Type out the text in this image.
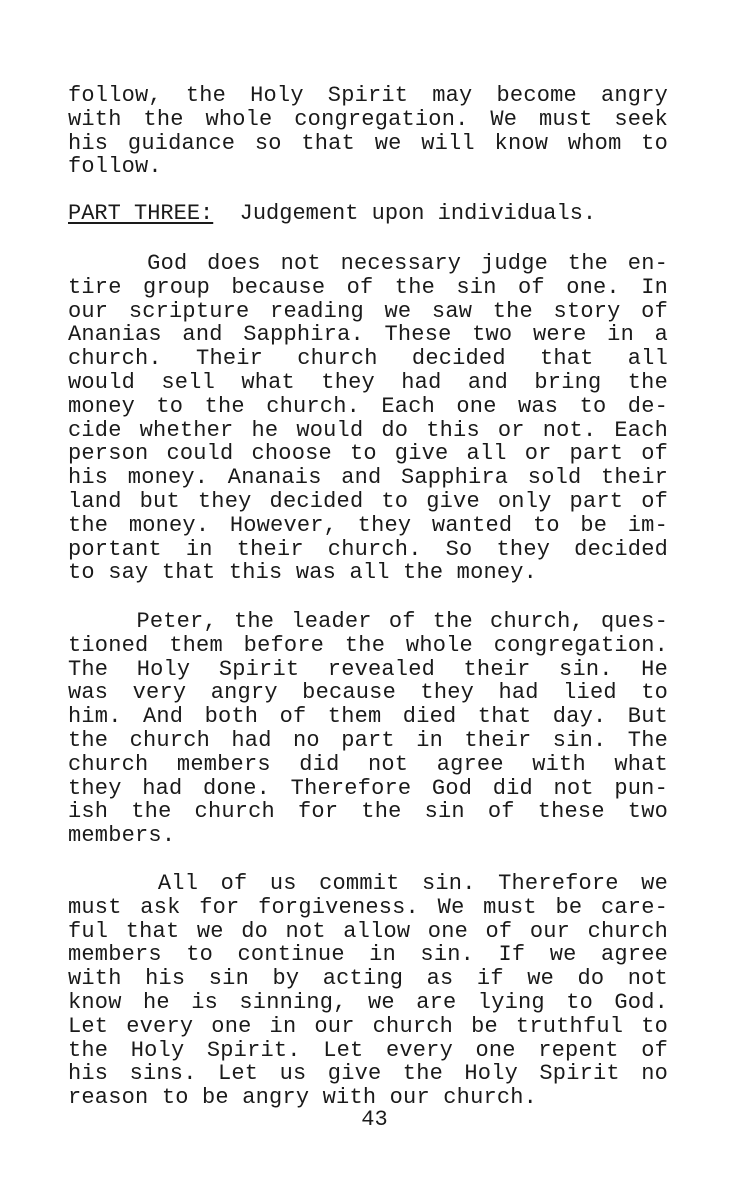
follow, the Holy Spirit may become angry
with the whole congregation. We must seek
his guidance so that we will know whom to
follow.
PART THREE: Judgement upon individuals.
God does not necessary judge the en-
tire group because of the sin of one. In
our scripture reading we saw the story of
Ananias and Sapphira. These two were in a
church. Their church decided that all
would sell what they had and bring the
money to the church. Each one was to de-
cide whether he would do this or not. Each
person could choose to give all or part of
his money. Ananais and Sapphira sold their
land but they decided to give only part of
the money. However, they wanted to be im-
portant in their church. So they decided
to say that this was all the money.
Peter, the leader of the church, ques-
tioned them before the whole congregation.
The Holy Spirit revealed their sin. He
was very angry because they had lied to
him. And both of them died that day. But
the church had no part in their sin. The
church members did not agree with what
they had done. Therefore God did not pun-
ish the church for the sin of these two
members.
All of us commit sin. Therefore we
must ask for forgiveness. We must be care-
ful that we do not allow one of our church
members to continue in sin. If we agree
with his sin by acting as if we do not
know he is sinning, we are lying to God.
Let every one in our church be truthful to
the Holy Spirit. Let every one repent of
his sins. Let us give the Holy Spirit no
reason to be angry with our church.
43
